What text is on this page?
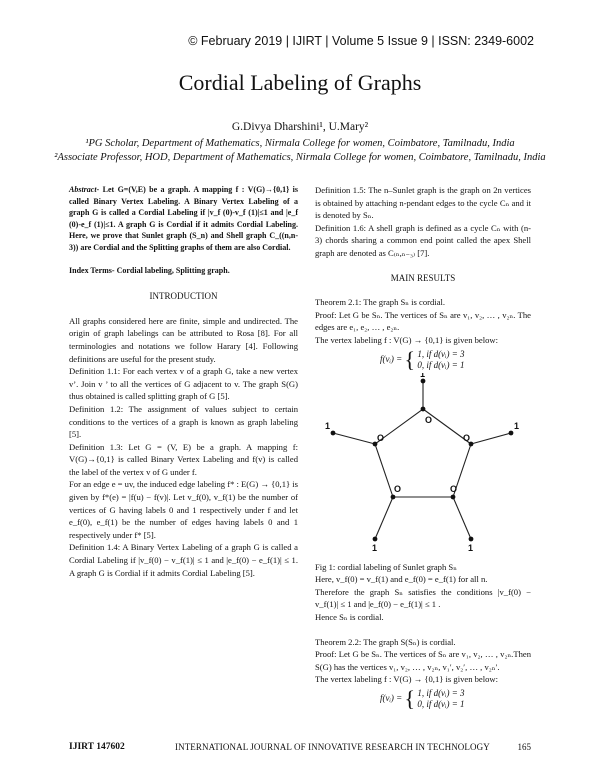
© February 2019 | IJIRT | Volume 5 Issue 9 | ISSN: 2349-6002
Cordial Labeling of Graphs
G.Divya Dharshini¹, U.Mary²
¹PG Scholar, Department of Mathematics, Nirmala College for women, Coimbatore, Tamilnadu, India
²Associate Professor, HOD, Department of Mathematics, Nirmala College for women, Coimbatore, Tamilnadu, India

Abstract- Let G=(V,E) be a graph. A mapping f : V(G)→{0,1} is called Binary Vertex Labeling. A Binary Vertex Labeling of a graph G is called a Cordial Labeling if |v_f (0)-v_f (1)|≤1 and |e_f (0)-e_f (1)|≤1. A graph G is Cordial if it admits Cordial Labeling. Here, we prove that Sunlet graph (S_n) and Shell graph C_((n,n-3)) are Cordial and the Splitting graphs of them are also Cordial.

Index Terms- Cordial labeling, Splitting graph.

INTRODUCTION

All graphs considered here are finite, simple and undirected. The origin of graph labelings can be attributed to Rosa [8]. For all terminologies and notations we follow Harary [4]. Following definitions are useful for the present study.

Definition 1.1: For each vertex v of a graph G, take a new vertex v’. Join v ’ to all the vertices of G adjacent to v. The graph S(G) thus obtained is called splitting graph of G [5].

Definition 1.2: The assignment of values subject to certain conditions to the vertices of a graph is known as graph labeling [5].

Definition 1.3: Let G = (V, E) be a graph. A mapping f: V(G)→{0,1} is called Binary Vertex Labeling and f(v) is called the label of the vertex v of G under f.

For an edge e = uv, the induced edge labeling f* : E(G) → {0,1} is given by f*(e) = |f(u) − f(v)|. Let v_f(0), v_f(1) be the number of vertices of G having labels 0 and 1 respectively under f and let e_f(0), e_f(1) be the number of edges having labels 0 and 1 respectively under f* [5].

Definition 1.4: A Binary Vertex Labeling of a graph G is called a Cordial Labeling if |v_f(0) − v_f(1)| ≤ 1 and |e_f(0) − e_f(1)| ≤ 1. A graph G is Cordial if it admits Cordial Labeling [5].

Definition 1.5: The n–Sunlet graph is the graph on 2n vertices is obtained by attaching n-pendant edges to the cycle Cₙ and it is denoted by Sₙ.

Definition 1.6: A shell graph is defined as a cycle Cₙ with (n-3) chords sharing a common end point called the apex Shell graph are denoted as C₍ₙ,ₙ₋₃₎ [7].

MAIN RESULTS

Theorem 2.1: The graph Sₙ is cordial.

Proof: Let G be Sₙ. The vertices of Sₙ are v₁, v₂, … , v₂ₙ. The edges are e₁, e₂, … , e₂ₙ.

The vertex labeling f : V(G) → {0,1} is given below:

f(vᵢ) = { 1, if d(vᵢ) = 3
0, if d(vᵢ) = 1
O
O
O
O
O
1
1
1
1
1

Fig 1: cordial labeling of Sunlet graph Sₙ

Here, v_f(0) = v_f(1) and e_f(0) = e_f(1) for all n.

Therefore the graph Sₙ satisfies the conditions |v_f(0) − v_f(1)| ≤ 1 and |e_f(0) − e_f(1)| ≤ 1 .

Hence Sₙ is cordial.

Theorem 2.2: The graph S(Sₙ) is cordial.

Proof: Let G be Sₙ. The vertices of Sₙ are v₁, v₂, … , v₂ₙ.Then S(G) has the vertices v₁, v₂, … , v₂ₙ, v₁′, v₂′, … , v₂ₙ′.

The vertex labeling f : V(G) → {0,1} is given below:

f(vᵢ) = { 1, if d(vᵢ) = 3
0, if d(vᵢ) = 1
IJIRT 147602	INTERNATIONAL JOURNAL OF INNOVATIVE RESEARCH IN TECHNOLOGY	165
